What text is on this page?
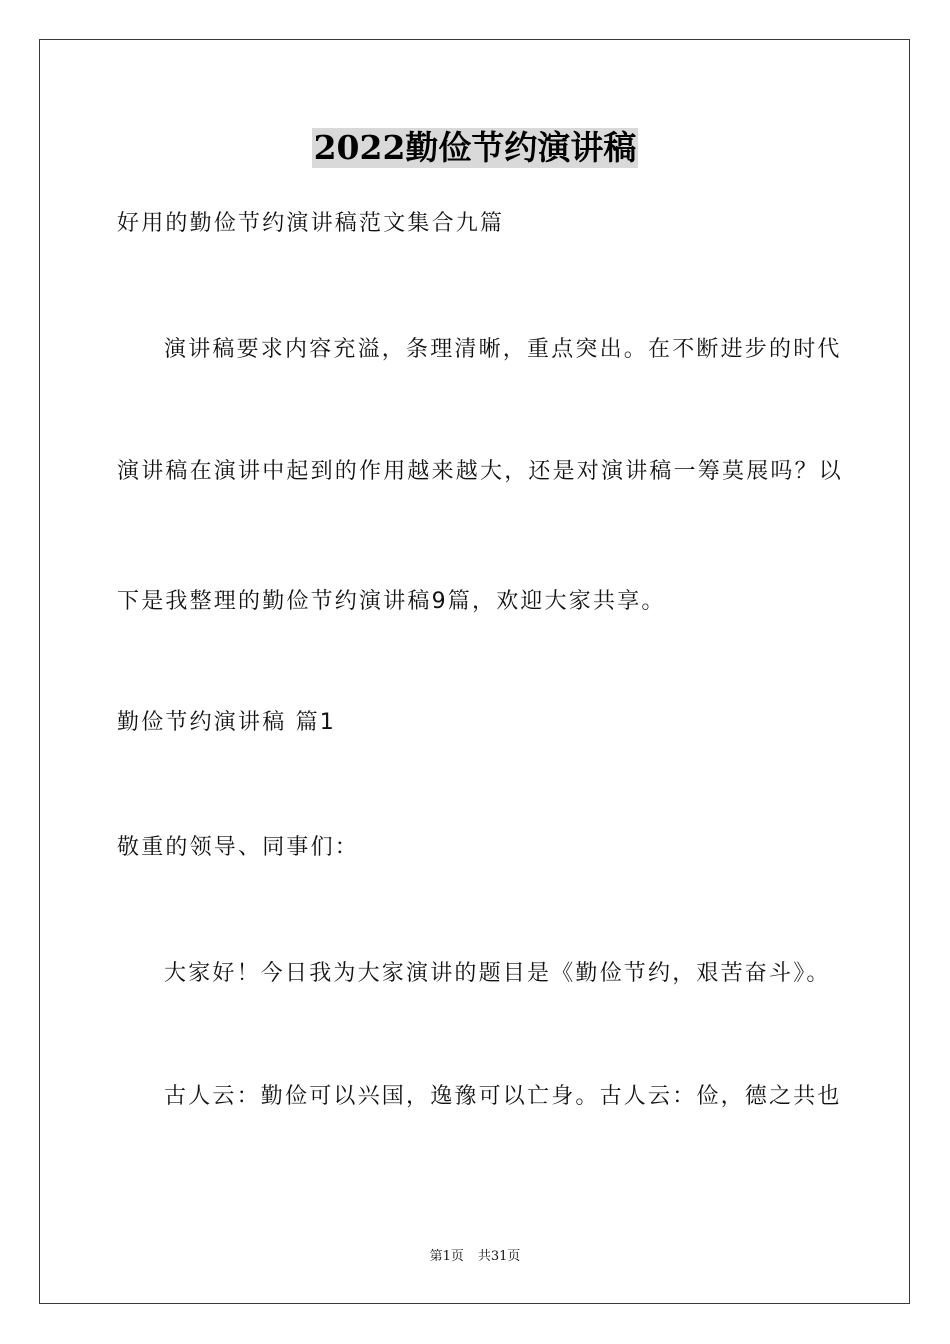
2022勤俭节约演讲稿

好用的勤俭节约演讲稿范文集合九篇

演讲稿要求内容充溢，条理清晰，重点突出。在不断进步的时代

演讲稿在演讲中起到的作用越来越大，还是对演讲稿一筹莫展吗？以

下是我整理的勤俭节约演讲稿9篇，欢迎大家共享。

勤俭节约演讲稿 篇1

敬重的领导、同事们：

大家好！今日我为大家演讲的题目是《勤俭节约，艰苦奋斗》。

古人云：勤俭可以兴国，逸豫可以亡身。古人云：俭，德之共也

第1页 共31页
